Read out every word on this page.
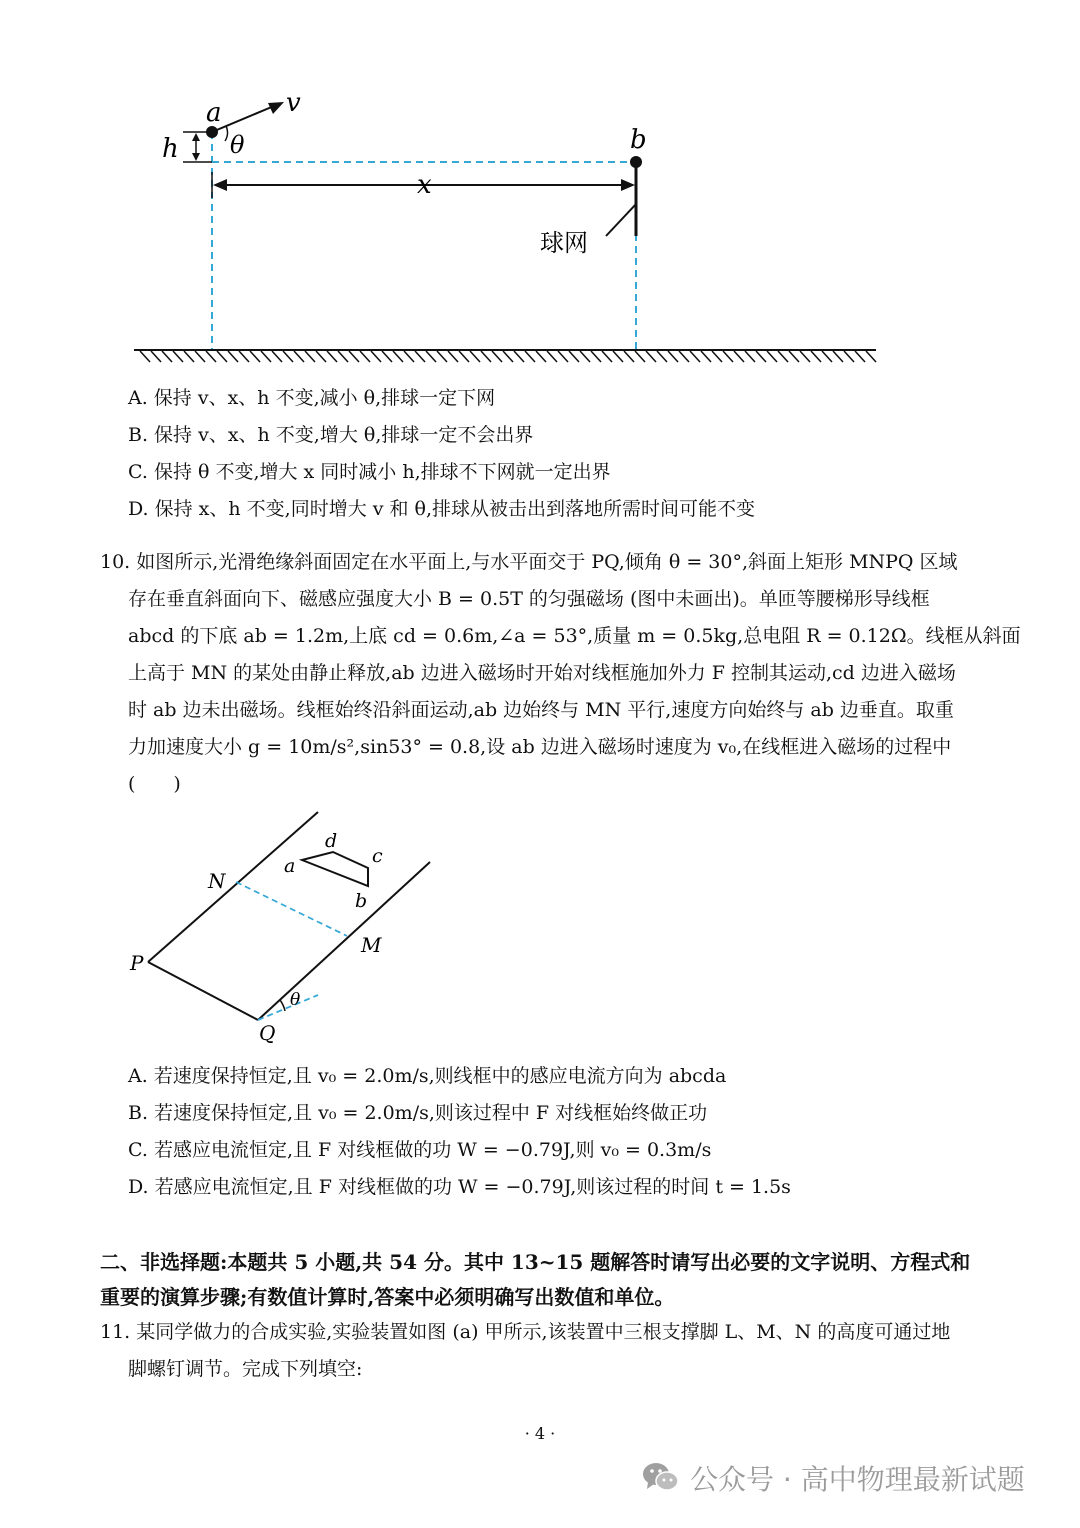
a v
h θ	b
x
球网
A. 保持 v、x、h 不变,减小 θ,排球一定下网
B. 保持 v、x、h 不变,增大 θ,排球一定不会出界
C. 保持 θ 不变,增大 x 同时减小 h,排球不下网就一定出界
D. 保持 x、h 不变,同时增大 v 和 θ,排球从被击出到落地所需时间可能不变
10. 如图所示,光滑绝缘斜面固定在水平面上,与水平面交于 PQ,倾角 θ = 30°,斜面上矩形 MNPQ 区域
存在垂直斜面向下、磁感应强度大小 B = 0.5T 的匀强磁场 (图中未画出)。单匝等腰梯形导线框
abcd 的下底 ab = 1.2m,上底 cd = 0.6m,∠a = 53°,质量 m = 0.5kg,总电阻 R = 0.12Ω。线框从斜面
上高于 MN 的某处由静止释放,ab 边进入磁场时开始对线框施加外力 F 控制其运动,cd 边进入磁场
时 ab 边未出磁场。线框始终沿斜面运动,ab 边始终与 MN 平行,速度方向始终与 ab 边垂直。取重
力加速度大小 g = 10m/s²,sin53° = 0.8,设 ab 边进入磁场时速度为 v₀,在线框进入磁场的过程中
(　　)
N
M
P
Q
θ
a
b
c
d
A. 若速度保持恒定,且 v₀ = 2.0m/s,则线框中的感应电流方向为 abcda
B. 若速度保持恒定,且 v₀ = 2.0m/s,则该过程中 F 对线框始终做正功
C. 若感应电流恒定,且 F 对线框做的功 W = −0.79J,则 v₀ = 0.3m/s
D. 若感应电流恒定,且 F 对线框做的功 W = −0.79J,则该过程的时间 t = 1.5s
二、非选择题:本题共 5 小题,共 54 分。其中 13~15 题解答时请写出必要的文字说明、方程式和
重要的演算步骤;有数值计算时,答案中必须明确写出数值和单位。
11. 某同学做力的合成实验,实验装置如图 (a) 甲所示,该装置中三根支撑脚 L、M、N 的高度可通过地
脚螺钉调节。完成下列填空:
· 4 ·
公众号 · 高中物理最新试题
